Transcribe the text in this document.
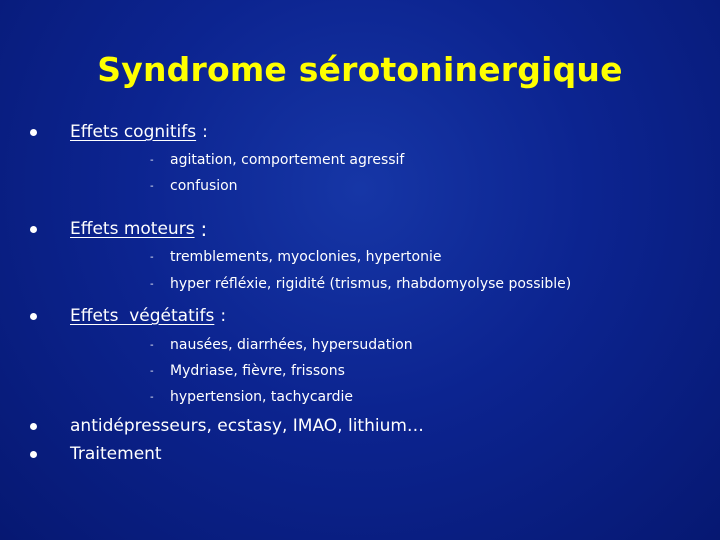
Syndrome sérotoninergique
Effets cognitifs :
-	agitation, comportement agressif
-	confusion
Effets moteurs :
-	tremblements, myoclonies, hypertonie
-	hyper réfléxie, rigidité (trismus, rhabdomyolyse possible)
Effets  végétatifs :
-	nausées, diarrhées, hypersudation
-	Mydriase, fièvre, frissons
-	hypertension, tachycardie
antidépresseurs, ecstasy, IMAO, lithium…
Traitement
